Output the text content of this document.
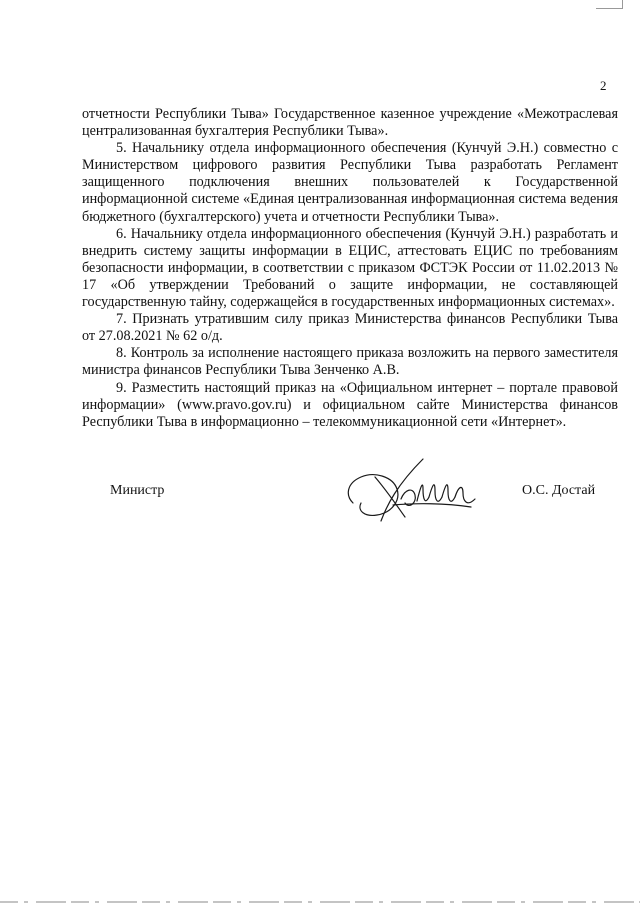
2

отчетности Республики Тыва» Государственное казенное учреждение «Межотраслевая централизованная бухгалтерия Республики Тыва».

5. Начальнику отдела информационного обеспечения (Кунчуй Э.Н.) совместно с Министерством цифрового развития Республики Тыва разработать Регламент защищенного подключения внешних пользователей к Государственной информационной системе «Единая централизованная информационная система ведения бюджетного (бухгалтерского) учета и отчетности Республики Тыва».

6. Начальнику отдела информационного обеспечения (Кунчуй Э.Н.) разработать и внедрить систему защиты информации в ЕЦИС, аттестовать ЕЦИС по требованиям безопасности информации, в соответствии с приказом ФСТЭК России от 11.02.2013 № 17 «Об утверждении Требований о защите информации, не составляющей государственную тайну, содержащейся в государственных информационных системах».

7. Признать утратившим силу приказ Министерства финансов Республики Тыва от 27.08.2021 № 62 о/д.

8. Контроль за исполнение настоящего приказа возложить на первого заместителя министра финансов Республики Тыва Зенченко А.В.

9. Разместить настоящий приказ на «Официальном интернет – портале правовой информации» (www.pravo.gov.ru) и официальном сайте Министерства финансов Республики Тыва в информационно – телекоммуникационной сети «Интернет».

Министр	О.С. Достай
